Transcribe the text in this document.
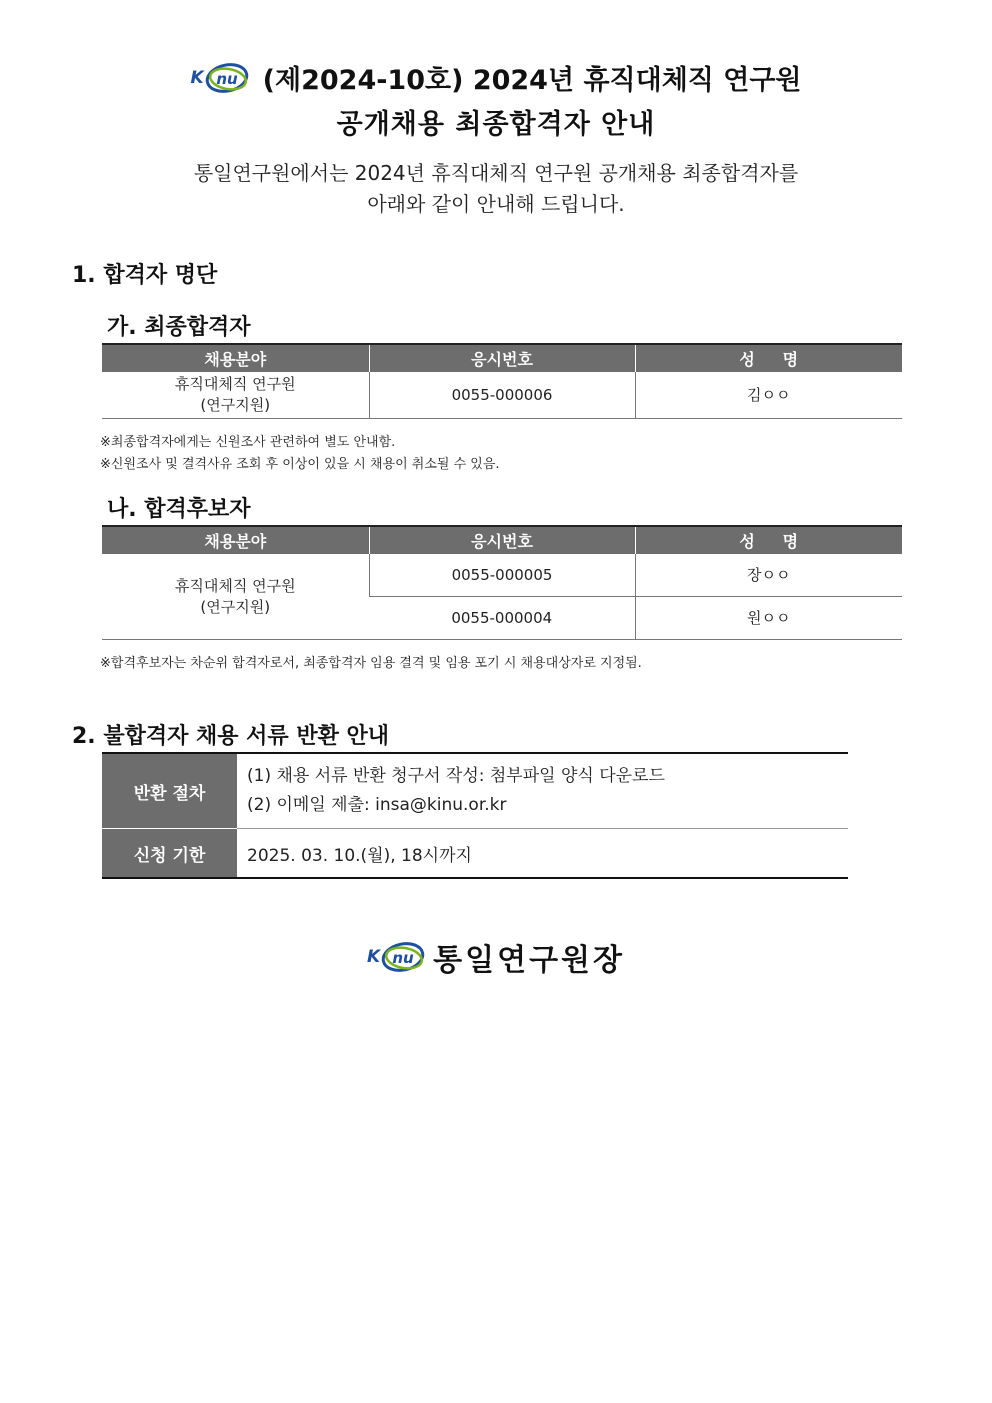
K nu (제2024-10호) 2024년 휴직대체직 연구원
공개채용 최종합격자 안내
통일연구원에서는 2024년 휴직대체직 연구원 공개채용 최종합격자를
아래와 같이 안내해 드립니다.
1. 합격자 명단
가. 최종합격자
채용분야	응시번호	성     명

휴직대체직 연구원
(연구지원)	0055-000006	김ㅇㅇ
※최종합격자에게는 신원조사 관련하여 별도 안내함.
※신원조사 및 결격사유 조회 후 이상이 있을 시 채용이 취소될 수 있음.
나. 합격후보자
채용분야	응시번호	성     명

휴직대체직 연구원
(연구지원)	0055-000005	장ㅇㅇ
	0055-000004	원ㅇㅇ
※합격후보자는 차순위 합격자로서, 최종합격자 임용 결격 및 임용 포기 시 채용대상자로 지정됨.
2. 불합격자 채용 서류 반환 안내
반환 절차	(1) 채용 서류 반환 청구서 작성: 첨부파일 양식 다운로드
(2) 이메일 제출: insa@kinu.or.kr

신청 기한	2025. 03. 10.(월), 18시까지
K nu 통일연구원장
